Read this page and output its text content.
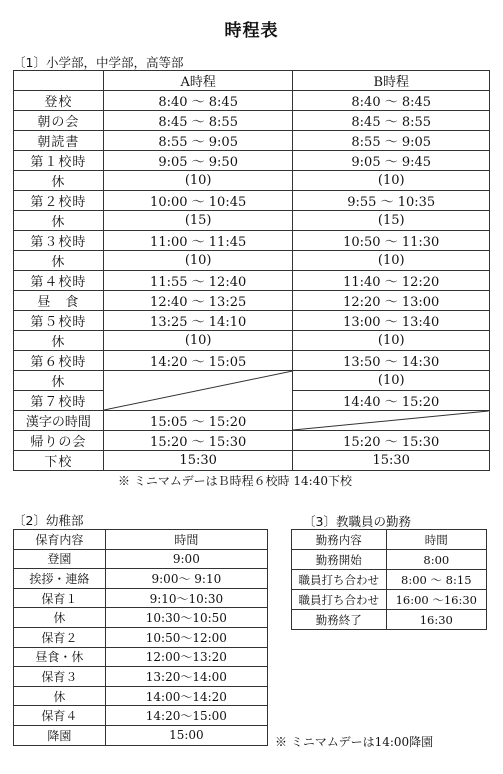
時程表
〔1〕小学部，中学部，高等部
	A時程	B時程
登校	8:40 〜 8:45	8:40 〜 8:45
朝の会	8:45 〜 8:55	8:45 〜 8:55
朝読書	8:55 〜 9:05	8:55 〜 9:05
第１校時	9:05 〜 9:50	9:05 〜 9:45
休	(10)	(10)
第２校時	10:00 〜 10:45	9:55 〜 10:35
休	(15)	(15)
第３校時	11:00 〜 11:45	10:50 〜 11:30
休	(10)	(10)
第４校時	11:55 〜 12:40	11:40 〜 12:20
昼　食	12:40 〜 13:25	12:20 〜 13:00
第５校時	13:25 〜 14:10	13:00 〜 13:40
休	(10)	(10)
第６校時	14:20 〜 15:05	13:50 〜 14:30
休		(10)
第７校時		14:40 〜 15:20
漢字の時間	15:05 〜 15:20	

帰りの会	15:20 〜 15:30	15:20 〜 15:30
下校	15:30	15:30
※ ミニマムデーはＢ時程６校時 14:40下校
〔2〕幼稚部
保育内容	時間
登園	9:00
挨拶・連絡	9:00〜 9:10
保育１	9:10〜10:30
休	10:30〜10:50
保育２	10:50〜12:00
昼食・休	12:00〜13:20
保育３	13:20〜14:00
休	14:00〜14:20
保育４	14:20〜15:00
降園	15:00
〔3〕教職員の勤務
勤務内容	時間
勤務開始	8:00
職員打ち合わせ	8:00 〜 8:15
職員打ち合わせ	16:00 〜16:30
勤務終了	16:30
※ ミニマムデーは14:00降園
